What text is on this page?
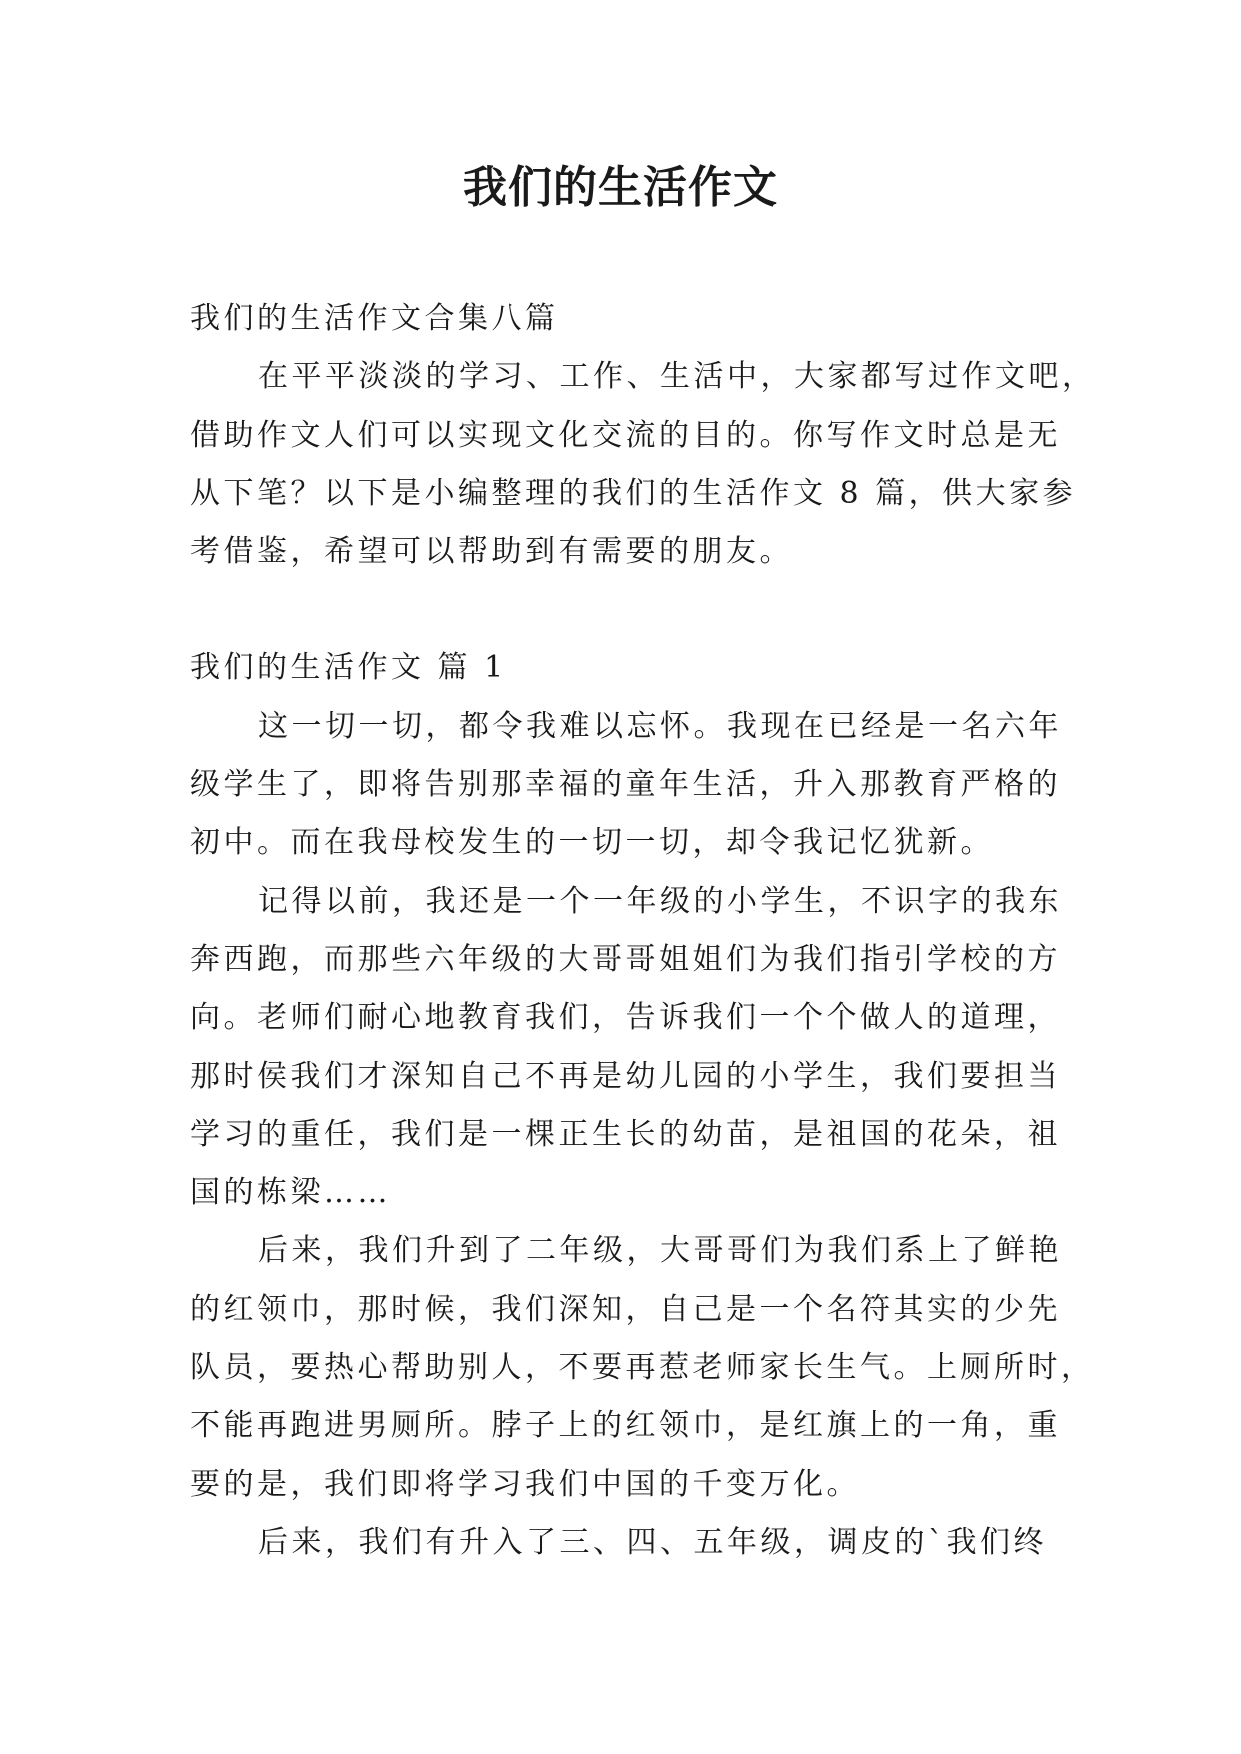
我们的生活作文

我们的生活作文合集八篇

在平平淡淡的学习、工作、生活中，大家都写过作文吧，

借助作文人们可以实现文化交流的目的。你写作文时总是无

从下笔？以下是小编整理的我们的生活作文 8 篇，供大家参

考借鉴，希望可以帮助到有需要的朋友。

我们的生活作文 篇 1

这一切一切，都令我难以忘怀。我现在已经是一名六年

级学生了，即将告别那幸福的童年生活，升入那教育严格的

初中。而在我母校发生的一切一切，却令我记忆犹新。

记得以前，我还是一个一年级的小学生，不识字的我东

奔西跑，而那些六年级的大哥哥姐姐们为我们指引学校的方

向。老师们耐心地教育我们，告诉我们一个个做人的道理，

那时侯我们才深知自己不再是幼儿园的小学生，我们要担当

学习的重任，我们是一棵正生长的幼苗，是祖国的花朵，祖

国的栋梁……

后来，我们升到了二年级，大哥哥们为我们系上了鲜艳

的红领巾，那时候，我们深知，自己是一个名符其实的少先

队员，要热心帮助别人，不要再惹老师家长生气。上厕所时，

不能再跑进男厕所。脖子上的红领巾，是红旗上的一角，重

要的是，我们即将学习我们中国的千变万化。

后来，我们有升入了三、四、五年级，调皮的`我们终
